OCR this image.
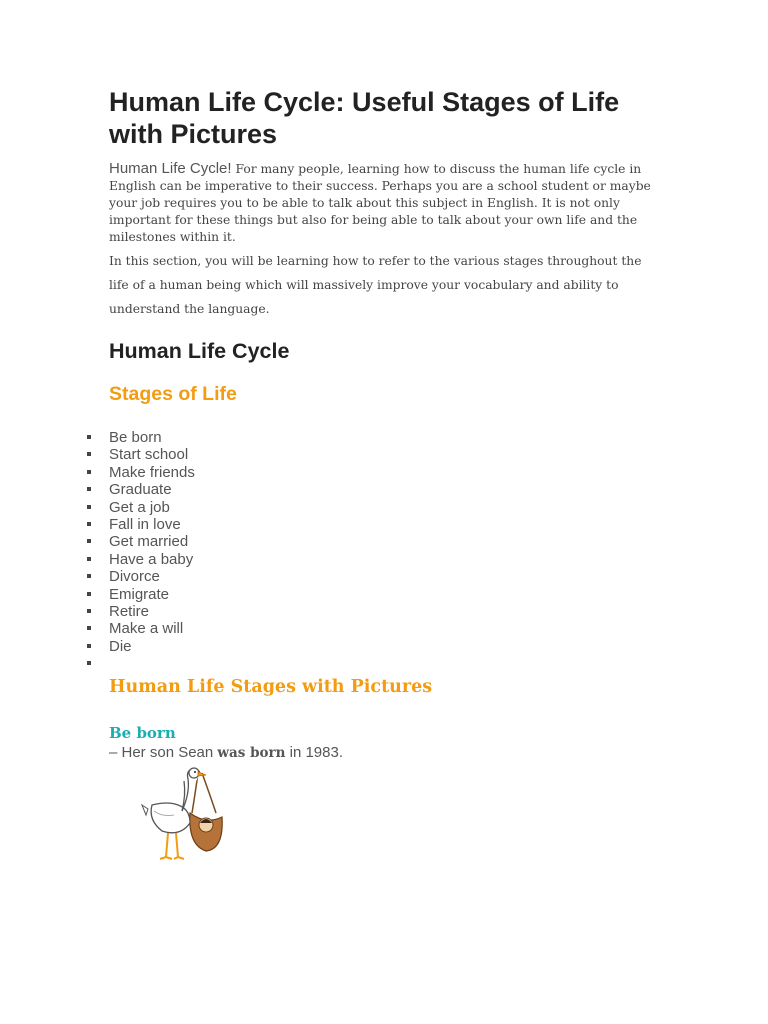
Human Life Cycle: Useful Stages of Life with Pictures
Human Life Cycle! For many people, learning how to discuss the human life cycle in English can be imperative to their success. Perhaps you are a school student or maybe your job requires you to be able to talk about this subject in English. It is not only important for these things but also for being able to talk about your own life and the milestones within it.
In this section, you will be learning how to refer to the various stages throughout the life of a human being which will massively improve your vocabulary and ability to understand the language.
Human Life Cycle
Stages of Life
Be born
Start school
Make friends
Graduate
Get a job
Fall in love
Get married
Have a baby
Divorce
Emigrate
Retire
Make a will
Die
Human Life Stages with Pictures
Be born
– Her son Sean was born in 1983.
